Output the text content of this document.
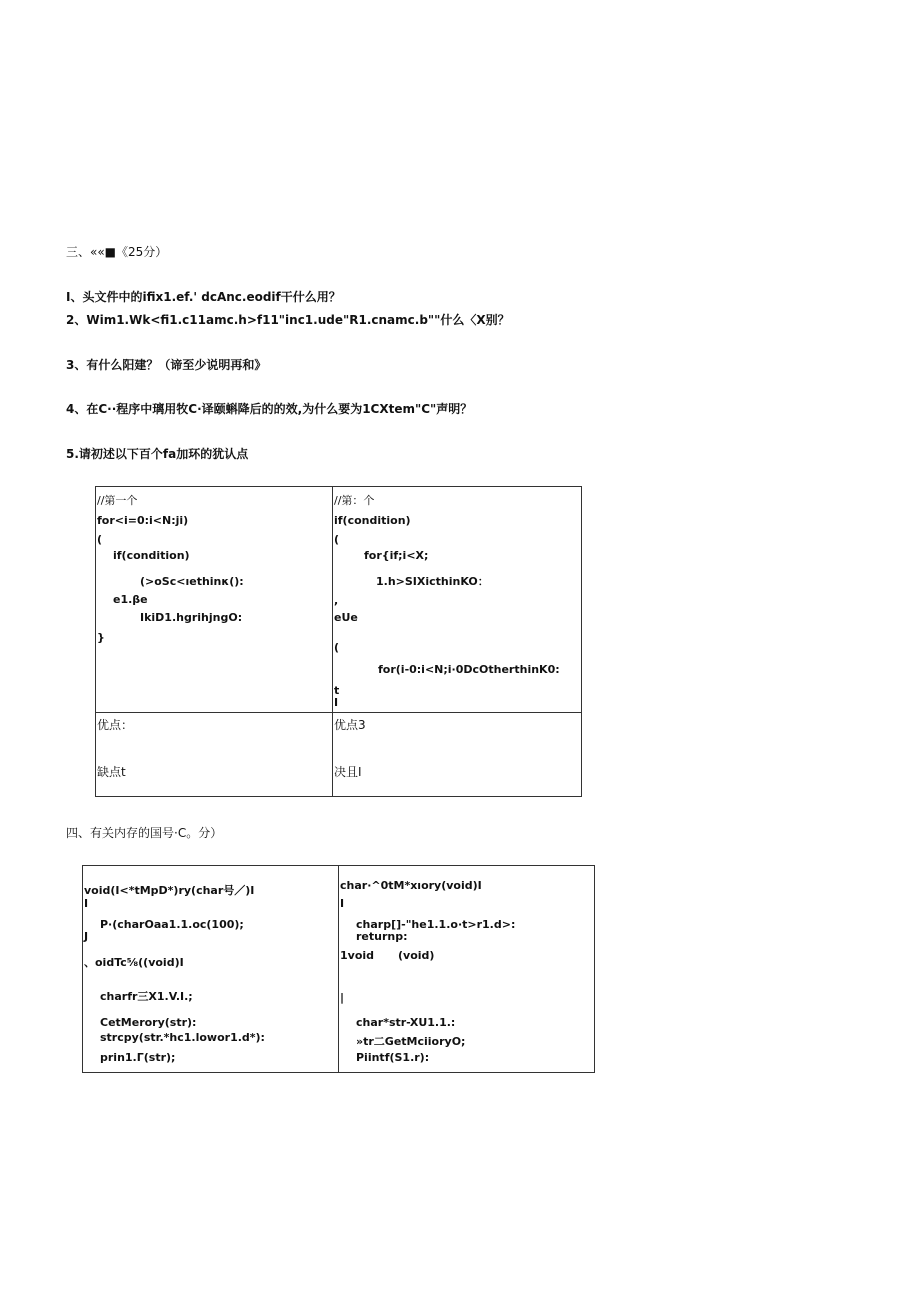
三、««■《25分）
I、头文件中的ifix1.ef.' dcAnc.eodif干什么用？
2、Wim1.Wk<fi1.c11amc.h>f11"inc1.ude"R1.cnamc.b""什么〈X别？
3、有什么阳建？（谛至少说明再和》
4、在C··程序中璃用牧C·译颐蝌降后的的效,为什么要为1CXtem"C"声明？
5.请初述以下百个fa加环的犹认点
//第一个
for<i=0:i<N:ji)
(
if(condition)
(>oSc<ıethinκ():
e1.βe
IkiD1.hgrihjngO:
}
//第：个
if(condition)
(
for{if;i<X;
1.h>SIXicthinKO：
,
eUe
(
for(i-0:i<N;i·0DcOtherthinK0:
t
I
优点：
缺点t
优点3
决且I
四、有关内存的国号·C。分）
void(I<*tMpD*)ry(char号／)I
I
P·(charOaa1.1.oc(100);
J
、oidTc⅝((void)I
charfr三X1.V.I.;
CetMerory(str):
strcpy(str.*hc1.lowor1.d*):
prin1.Γ(str);
char·^0tM*xıory(void)I
I
charp[]-"he1.1.o·t>r1.d>:
returnp:
1void (void)
|
char*str-XU1.1.:
»tr二GetMciioryO;
Piintf(S1.r):
